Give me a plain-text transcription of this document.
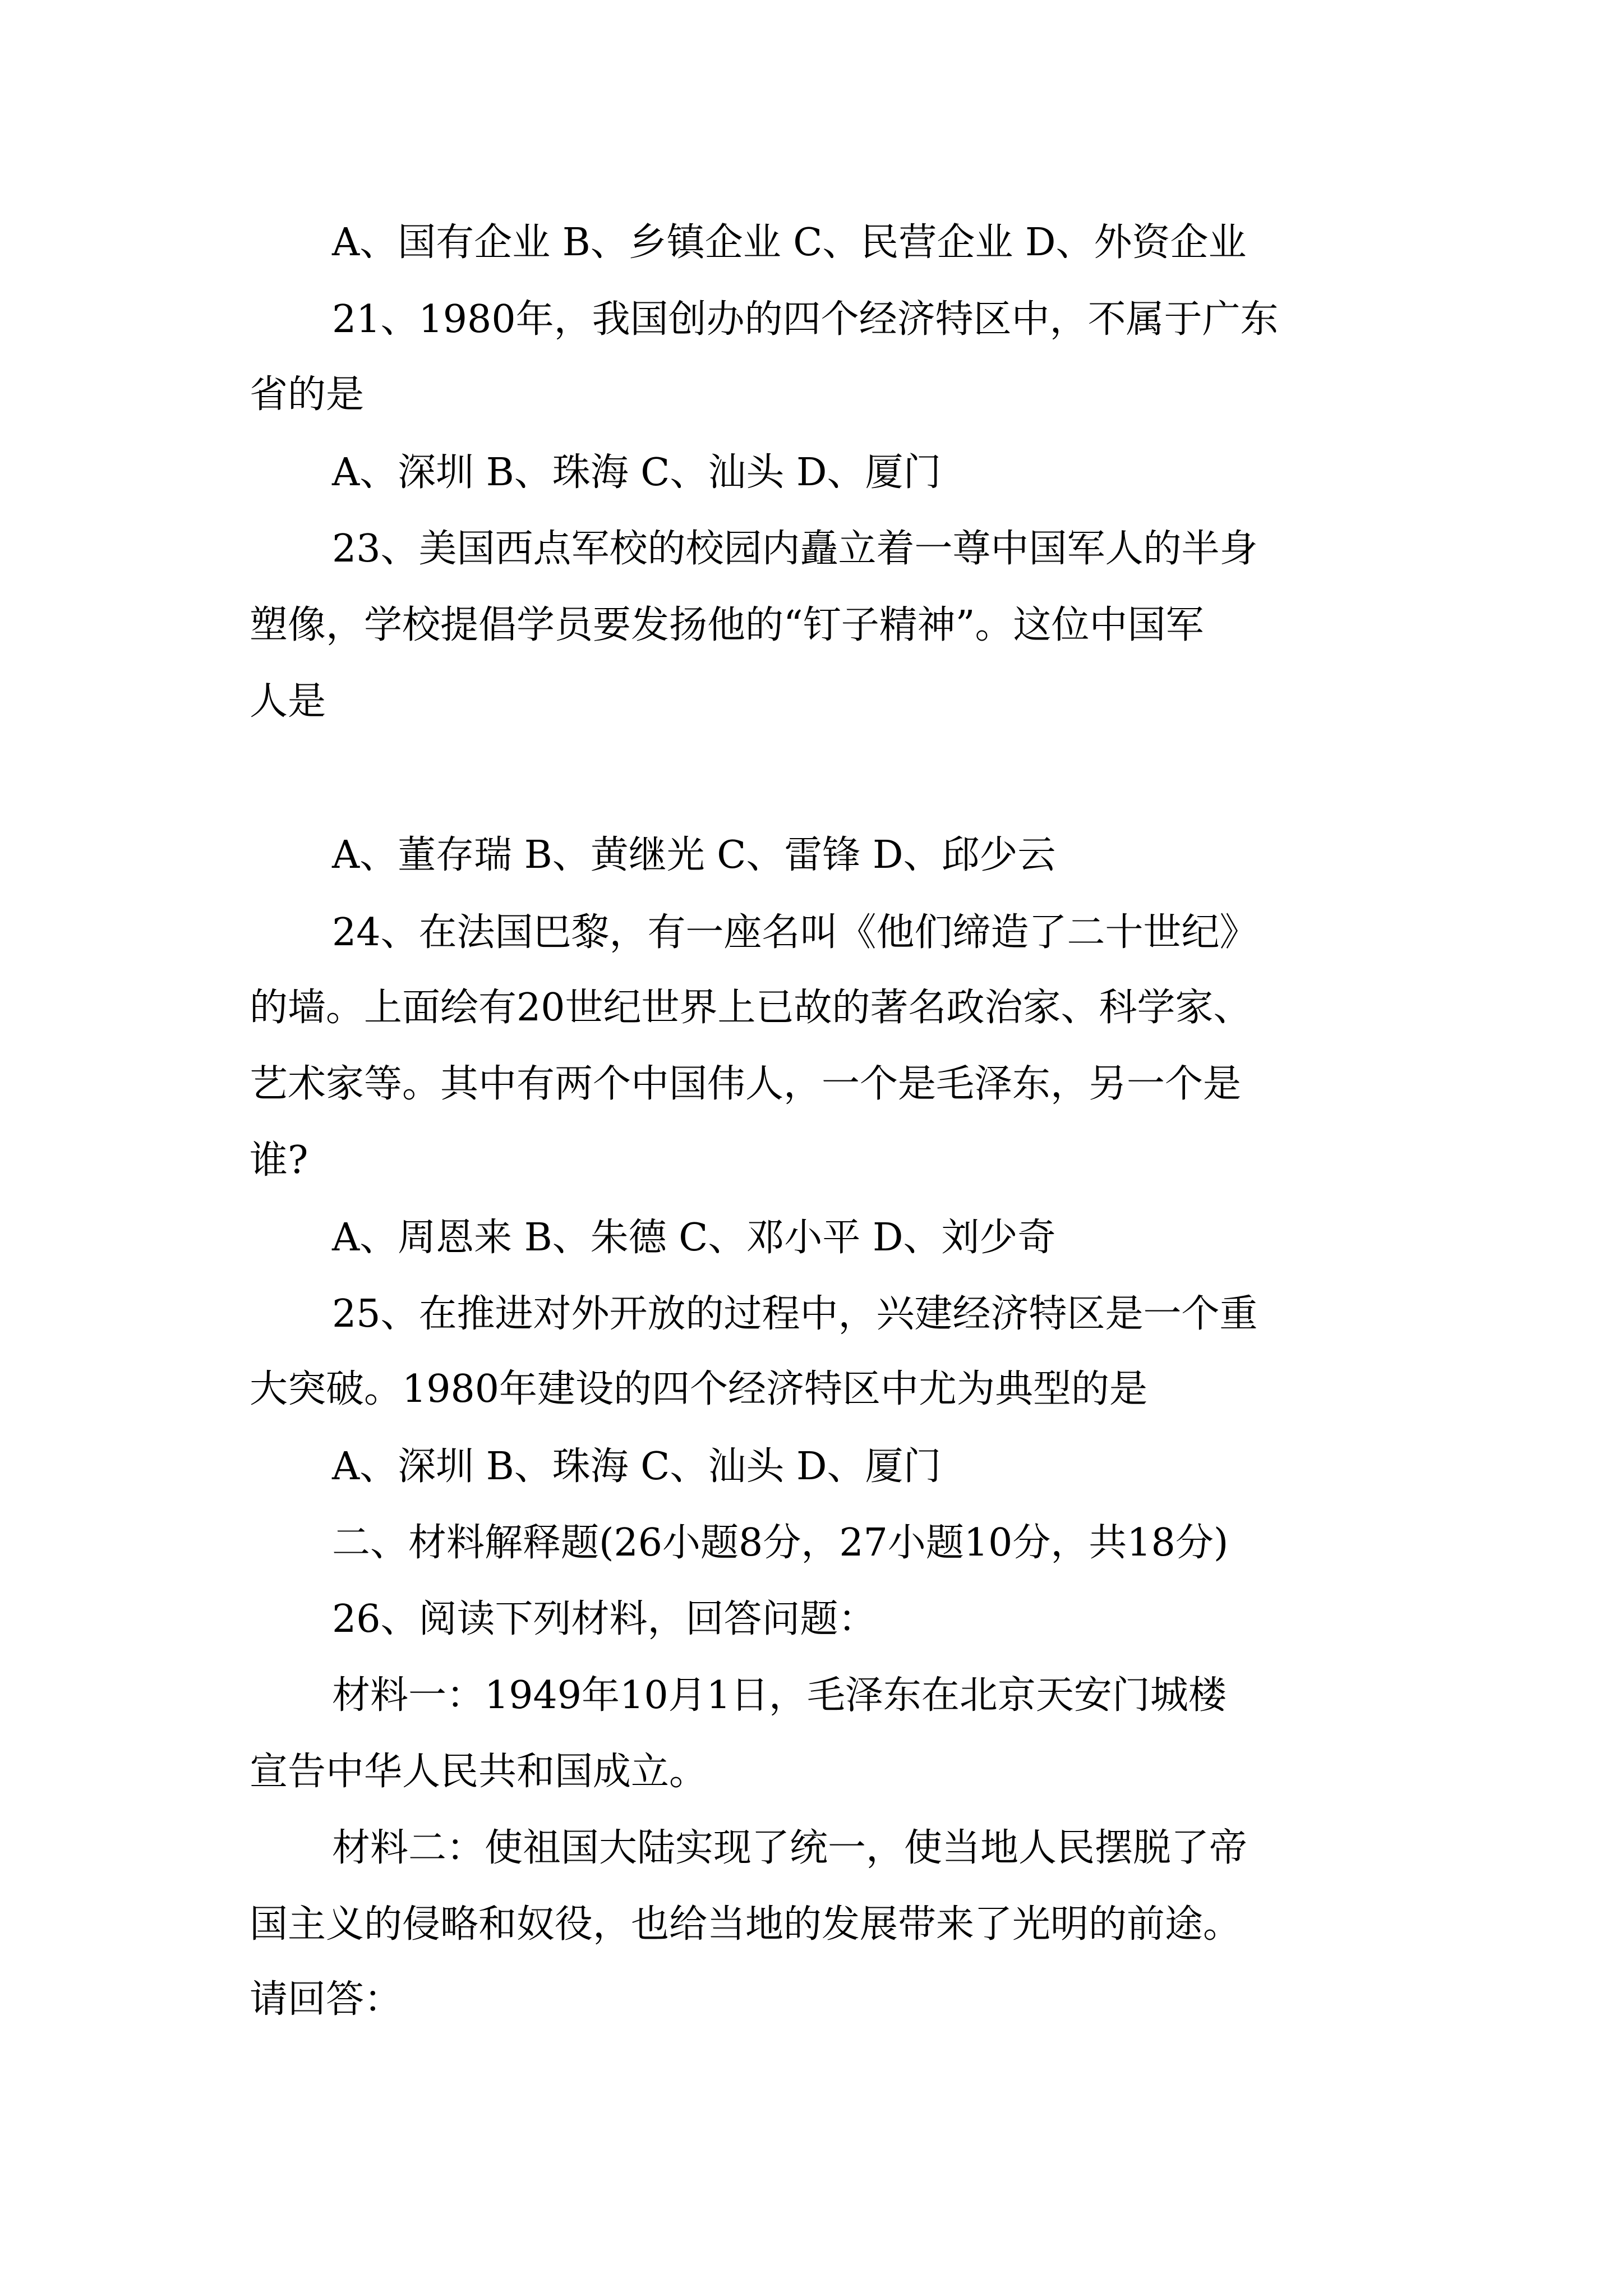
A、国有企业 B、乡镇企业 C、民营企业 D、外资企业

21、1980年，我国创办的四个经济特区中，不属于广东

省的是

A、深圳 B、珠海 C、汕头 D、厦门

23、美国西点军校的校园内矗立着一尊中国军人的半身

塑像，学校提倡学员要发扬他的“钉子精神”。这位中国军

人是

A、董存瑞 B、黄继光 C、雷锋 D、邱少云

24、在法国巴黎，有一座名叫《他们缔造了二十世纪》

的墙。上面绘有20世纪世界上已故的著名政治家、科学家、

艺术家等。其中有两个中国伟人，一个是毛泽东，另一个是

谁?

A、周恩来 B、朱德 C、邓小平 D、刘少奇

25、在推进对外开放的过程中，兴建经济特区是一个重

大突破。1980年建设的四个经济特区中尤为典型的是

A、深圳 B、珠海 C、汕头 D、厦门

二、材料解释题(26小题8分，27小题10分，共18分)

26、阅读下列材料，回答问题：

材料一：1949年10月1日，毛泽东在北京天安门城楼

宣告中华人民共和国成立。

材料二：使祖国大陆实现了统一，使当地人民摆脱了帝

国主义的侵略和奴役，也给当地的发展带来了光明的前途。

请回答：
